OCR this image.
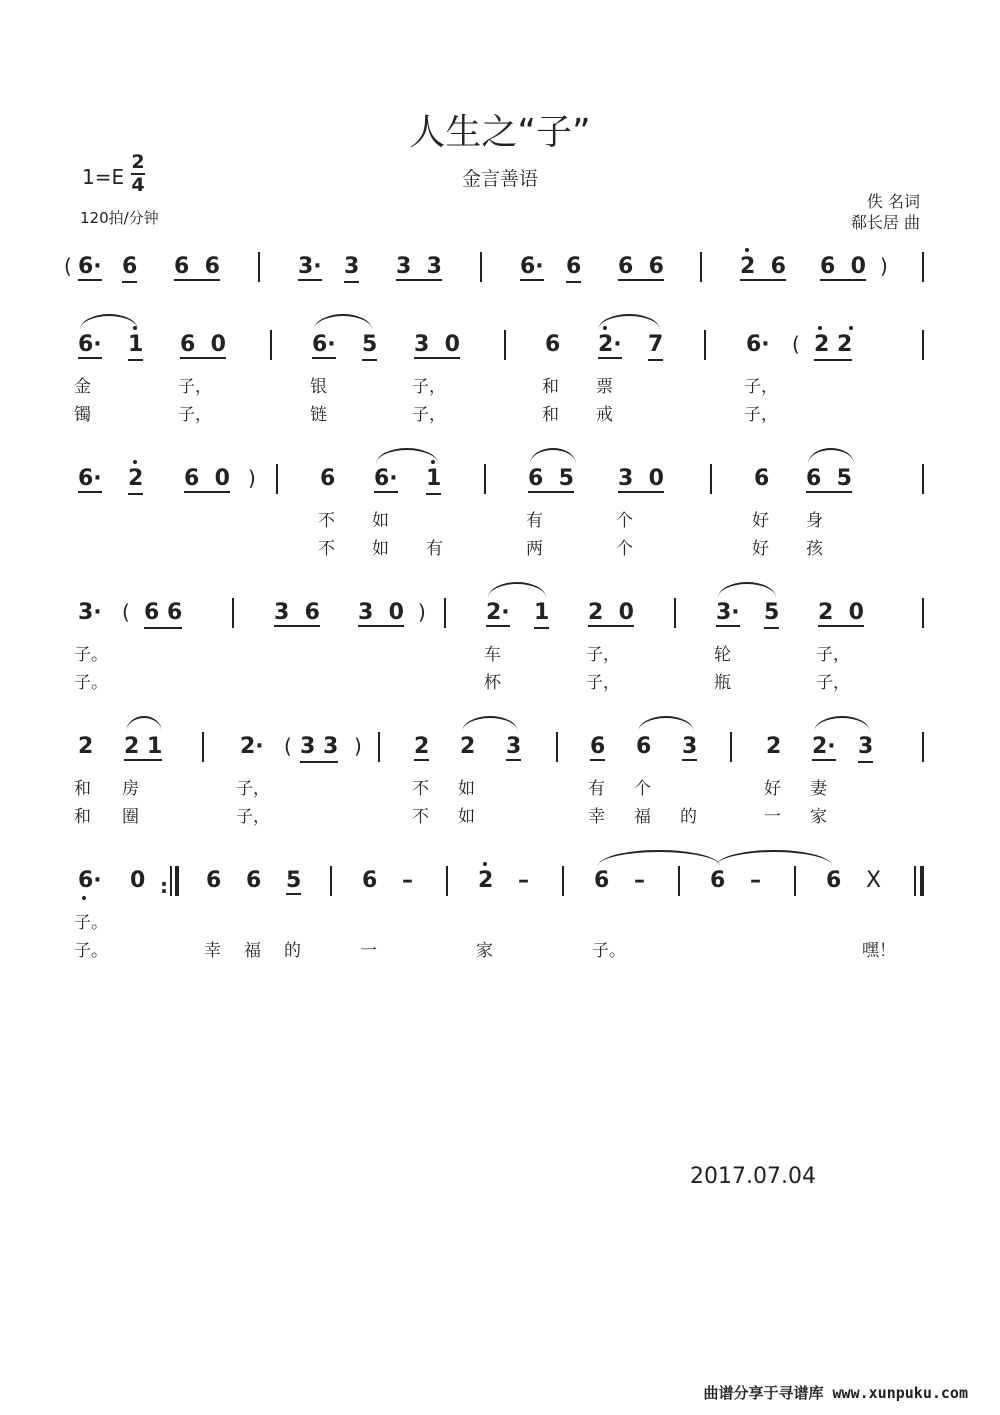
人生之“子”
金言善语
1=E
2
4
120拍/分钟
佚 名词
郗长居 曲
( 6· 6 6  6	3· 3 3  3	6· 6 6  6	2  6 6  0 )
6· 1 6  0	6· 5 3  0	6 2· 7	6· ( 2 2
金	子，	银	子，	和 票	子，
镯	子，	链	子，	和 戒	子，
6· 2 6  0 )	6 6· 1	6  5 3  0	6 6  5
不 如	有	个	好 身
不 如 有	两	个	好 孩
3· ( 6 6	3  6 3  0 )	2· 1 2  0	3· 5 2  0
子。	车	子，	轮	子，
子。	杯	子，	瓶	子，
2 2 1	2· ( 3 3 ) 2 2 3	6 6 3	2 2· 3
和 房	子，	不 如	有 个	好 妻
和 圈	子，	不 如	幸 福 的	一 家
6· 0 : 6 6 5	6 –	2 –	6 –	6 –	6 X
子。
子。	幸 福 的	一	家	子。	嘿！
2017.07.04
曲谱分享于寻谱库 www.xunpuku.com
